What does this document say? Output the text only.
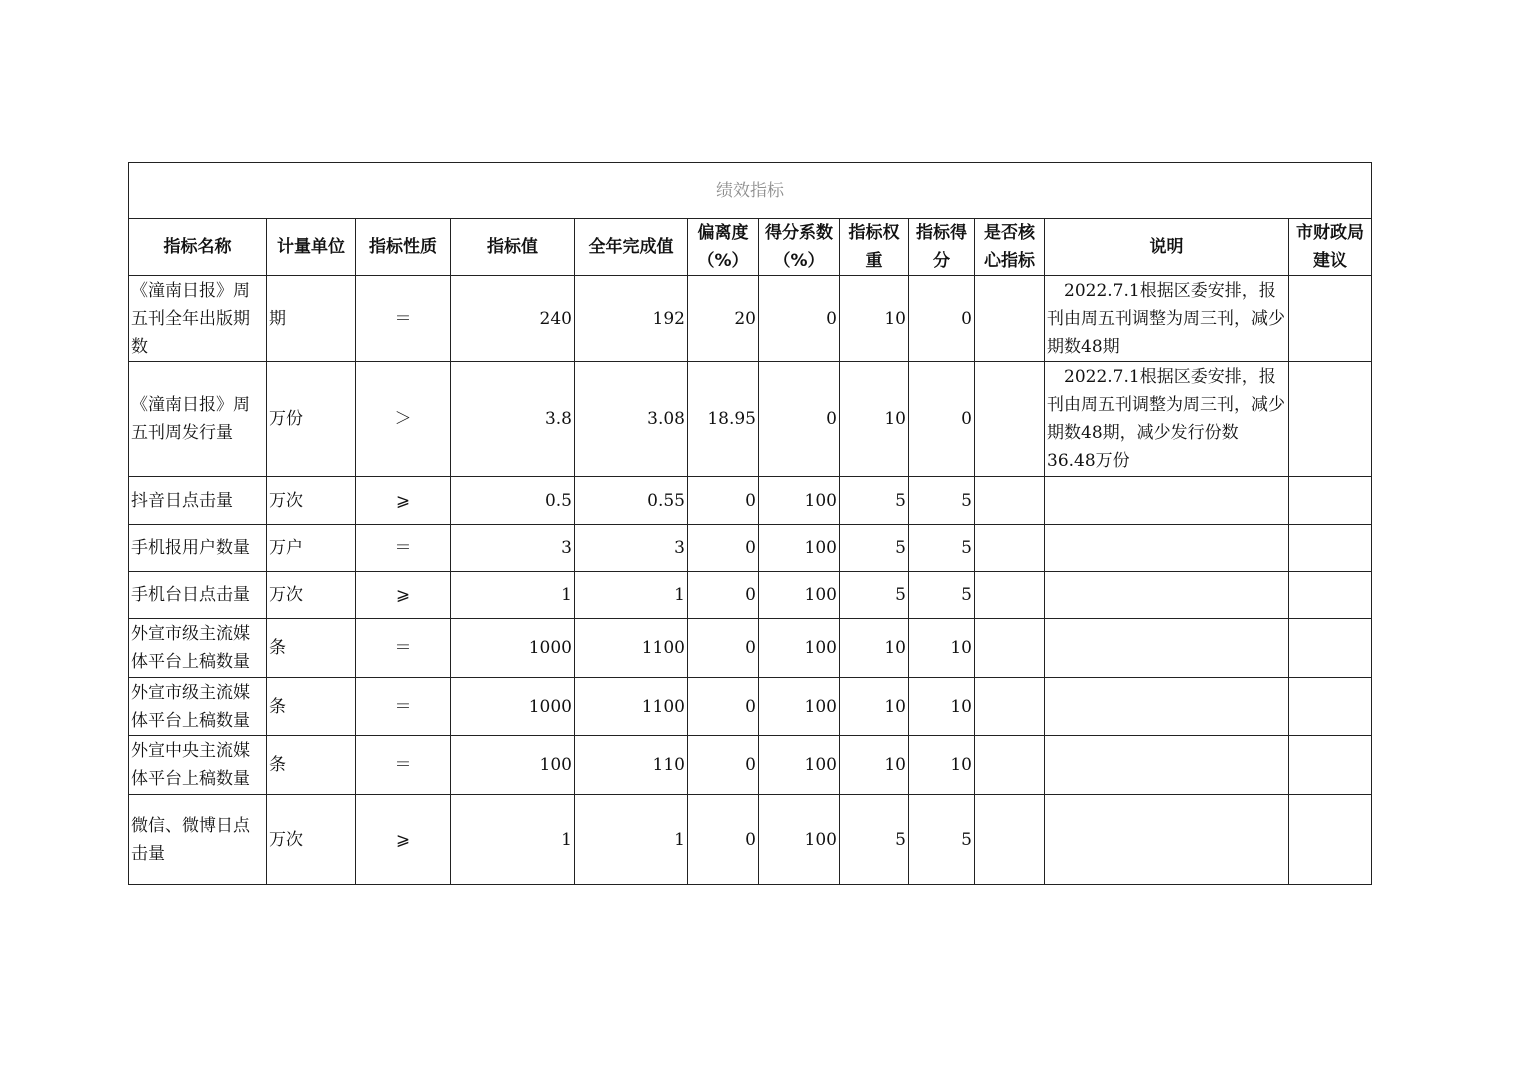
绩效指标											
指标名称	计量单位	指标性质	指标值	全年完成值	偏离度（%）	得分系数（%）	指标权重	指标得分	是否核心指标	说明	市财政局建议
《潼南日报》周五刊全年出版期数	期	＝	240	192	20	0	10	0		　2022.7.1根据区委安排，报刊由周五刊调整为周三刊，减少期数48期	
《潼南日报》周五刊周发行量	万份	＞	3.8	3.08	18.95	0	10	0		　2022.7.1根据区委安排，报刊由周五刊调整为周三刊，减少期数48期，减少发行份数36.48万份	
抖音日点击量	万次	⩾	0.5	0.55	0	100	5	5			
手机报用户数量	万户	＝	3	3	0	100	5	5			
手机台日点击量	万次	⩾	1	1	0	100	5	5			
外宣市级主流媒体平台上稿数量	条	＝	1000	1100	0	100	10	10			
外宣市级主流媒体平台上稿数量	条	＝	1000	1100	0	100	10	10			
外宣中央主流媒体平台上稿数量	条	＝	100	110	0	100	10	10			
微信、微博日点击量	万次	⩾	1	1	0	100	5	5			
